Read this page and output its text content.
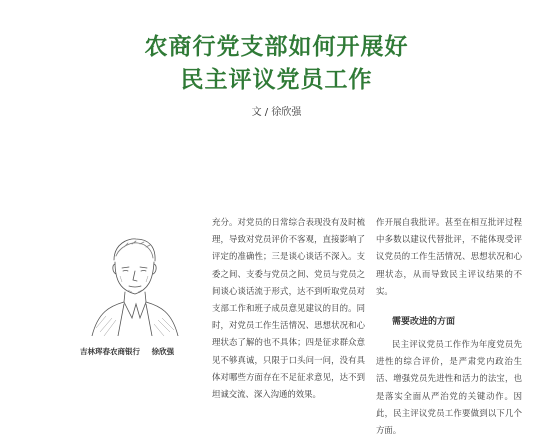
农商行党支部如何开展好
民主评议党员工作
文 / 徐欣强
吉林珲春农商银行 徐欣强
充分。对党员的日常综合表现没有及时梳理，导致对党员评价不客观，直接影响了评定的准确性；三是谈心谈话不深入。支委之间、支委与党员之间、党员与党员之间谈心谈话流于形式，达不到听取党员对支部工作和班子成员意见建议的目的。同时，对党员工作生活情况、思想状况和心理状态了解的也不具体；四是征求群众意见不够真诚，只限于口头问一问，没有具体对哪些方面存在不足征求意见，达不到坦诚交流、深入沟通的效果。

作开展自我批评。甚至在相互批评过程中多数以建议代替批评，不能体现受评议党员的工作生活情况、思想状况和心理状态，从而导致民主评议结果的不实。

需要改进的方面

民主评议党员工作作为年度党员先进性的综合评价，是严肃党内政治生活、增强党员先进性和活力的法宝，也是落实全面从严治党的关键动作。因此，民主评议党员工作要做到以下几个方面。
